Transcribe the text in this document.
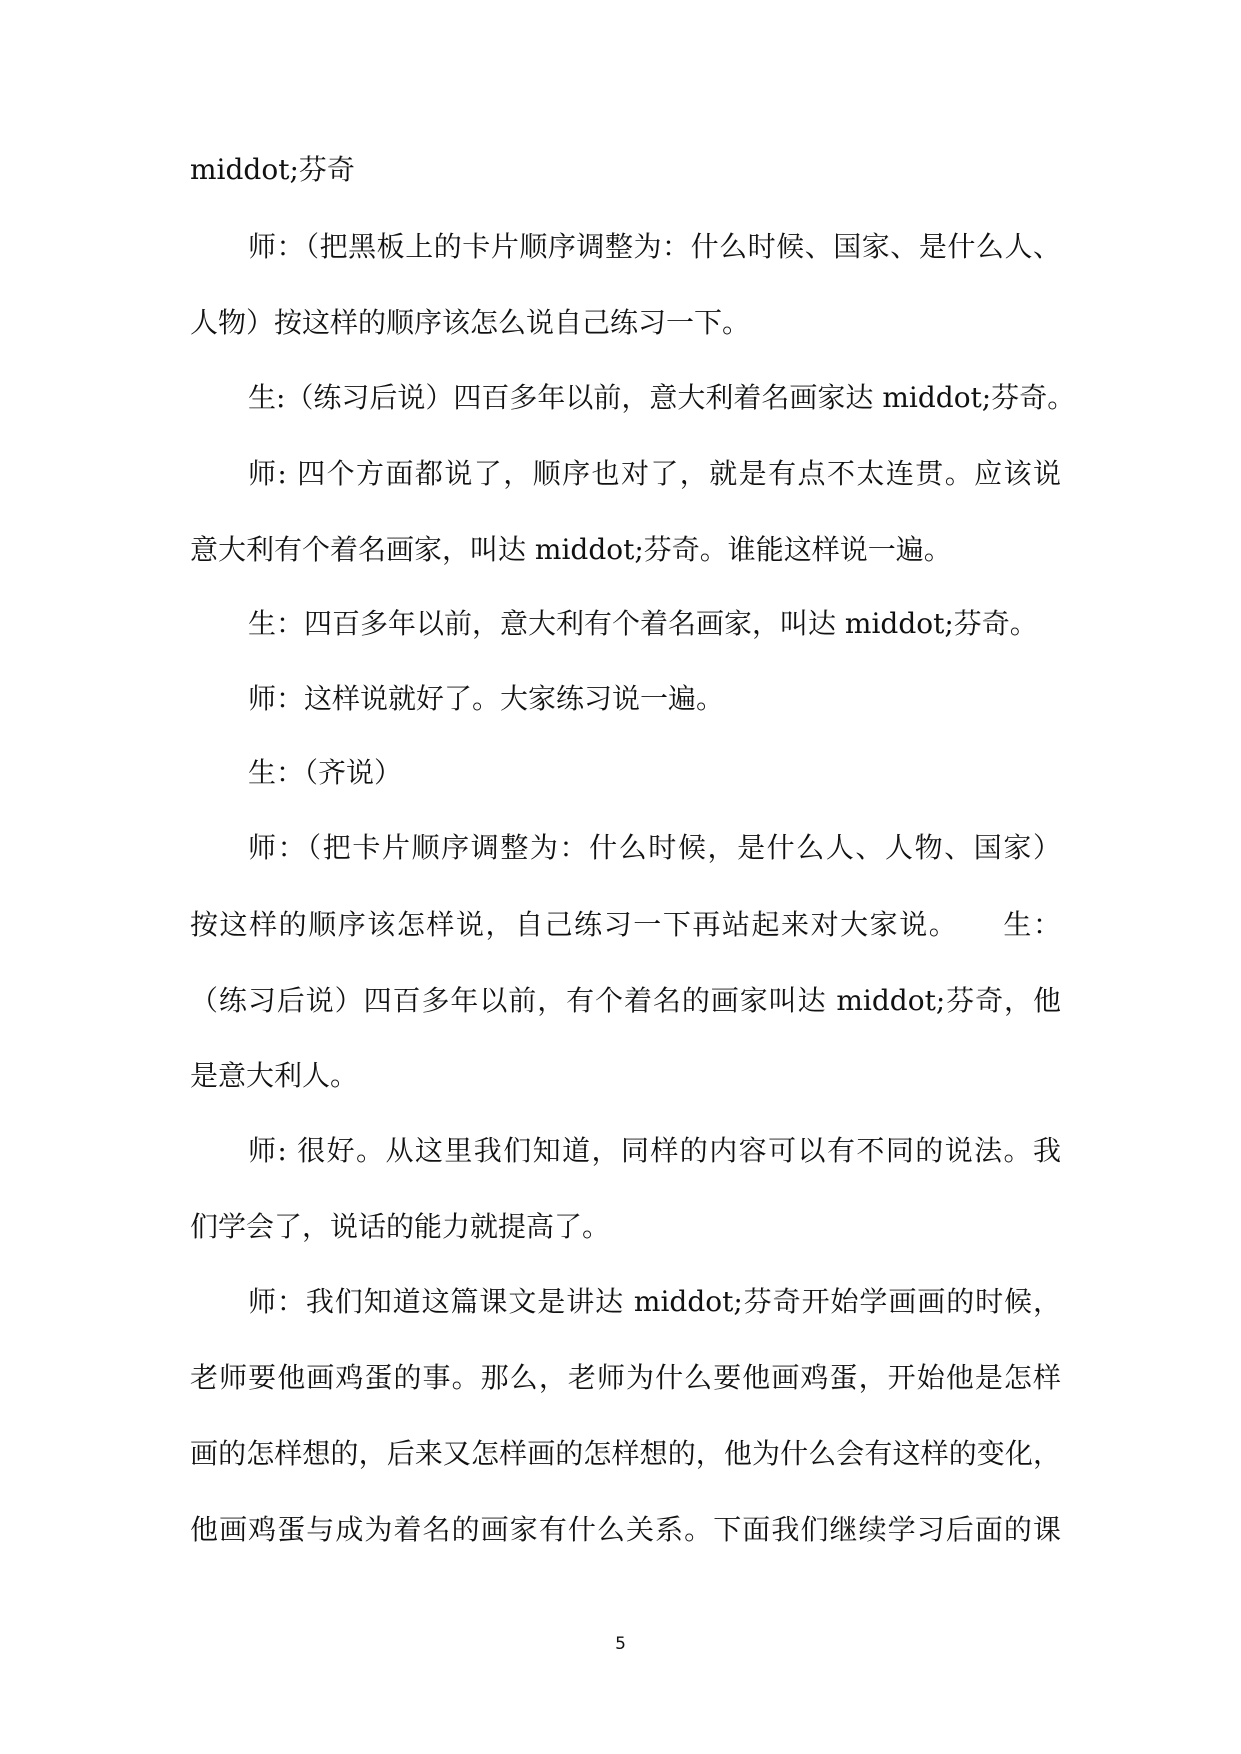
middot;芬奇
师：（把黑板上的卡片顺序调整为：什么时候、国家、是什么人、
人物）按这样的顺序该怎么说自己练习一下。
生:（练习后说）四百多年以前，意大利着名画家达 middot;芬奇。
师: 四个方面都说了，顺序也对了，就是有点不太连贯。应该说
意大利有个着名画家，叫达 middot;芬奇。谁能这样说一遍。
生：四百多年以前，意大利有个着名画家，叫达 middot;芬奇。
师：这样说就好了。大家练习说一遍。
生：（齐说）
师：（把卡片顺序调整为：什么时候，是什么人、人物、国家）
按这样的顺序该怎样说，自己练习一下再站起来对大家说。　　生：
（练习后说）四百多年以前，有个着名的画家叫达 middot;芬奇，他
是意大利人。
师: 很好。从这里我们知道，同样的内容可以有不同的说法。我
们学会了，说话的能力就提高了。
师：我们知道这篇课文是讲达 middot;芬奇开始学画画的时候，
老师要他画鸡蛋的事。那么，老师为什么要他画鸡蛋，开始他是怎样
画的怎样想的，后来又怎样画的怎样想的，他为什么会有这样的变化，
他画鸡蛋与成为着名的画家有什么关系。下面我们继续学习后面的课
5
